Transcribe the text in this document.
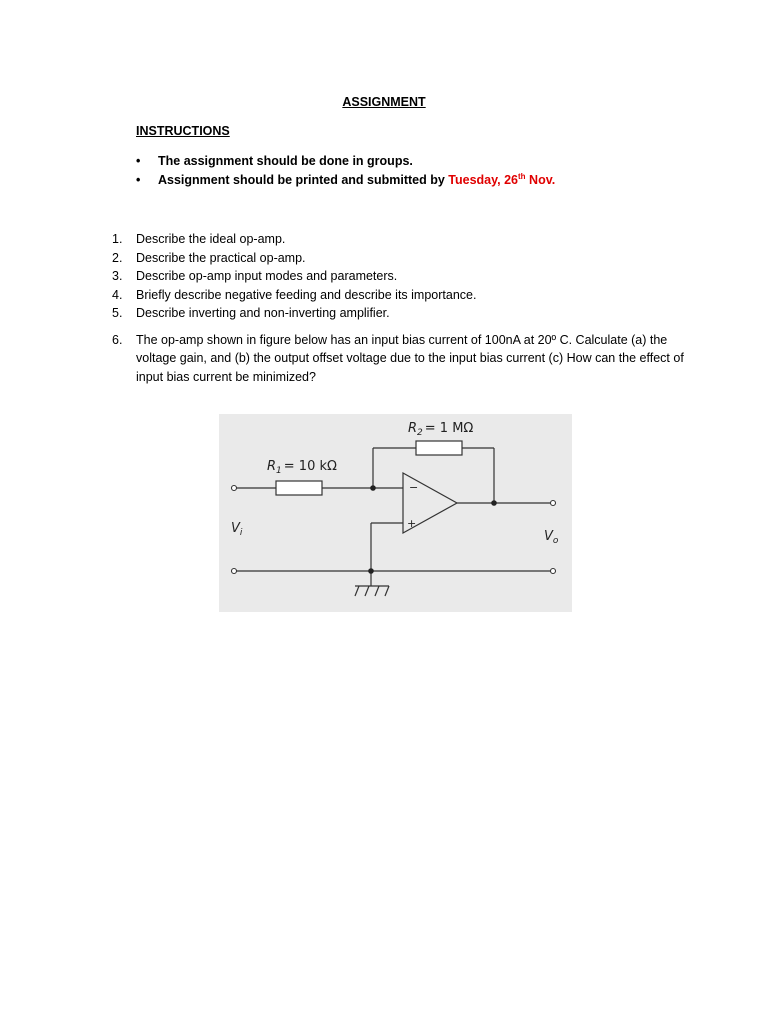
ASSIGNMENT
INSTRUCTIONS
• The assignment should be done in groups.
• Assignment should be printed and submitted by Tuesday, 26th Nov.
1. Describe the ideal op-amp.
2. Describe the practical op-amp.
3. Describe op-amp input modes and parameters.
4. Briefly describe negative feeding and describe its importance.
5. Describe inverting and non-inverting amplifier.
6. The op-amp shown in figure below has an input bias current of 100nA at 20º C. Calculate (a) the voltage gain, and (b) the output offset voltage due to the input bias current (c) How can the effect of input bias current be minimized?
−
+
$R_1 = 10$ kΩ
$R_2 = 1$ MΩ
$V_i$	$V_o$
